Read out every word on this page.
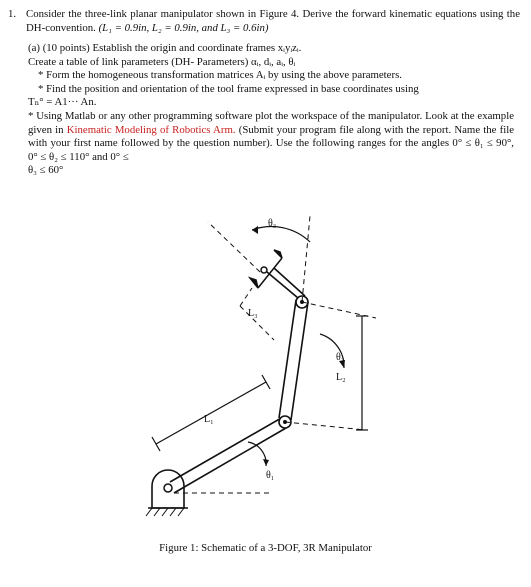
1. Consider the three-link planar manipulator shown in Figure 4. Derive the forward kinematic equations using the DH-convention. (L₁ = 0.9in, L₂ = 0.9in, and L₃ = 0.6in)
(a) (10 points) Establish the origin and coordinate frames xᵢyᵢzᵢ.
Create a table of link parameters (DH- Parameters) αᵢ, dᵢ, aᵢ, θᵢ
* Form the homogeneous transformation matrices Aᵢ by using the above parameters.
* Find the position and orientation of the tool frame expressed in base coordinates using
Tₙ° = A1··· An.
* Using Matlab or any other programming software plot the workspace of the manipulator. Look at the example given in Kinematic Modeling of Robotics Arm. (Submit your program file along with the report. Name the file with your first name followed by the question number). Use the following ranges for the angles 0° ≤ θ₁ ≤ 90°, 0° ≤ θ₂ ≤ 110° and 0° ≤
θ₃ ≤ 60°
θ₃
L₃
θ₂
L₂
L₁
θ₁
Figure 1: Schematic of a 3-DOF, 3R Manipulator
